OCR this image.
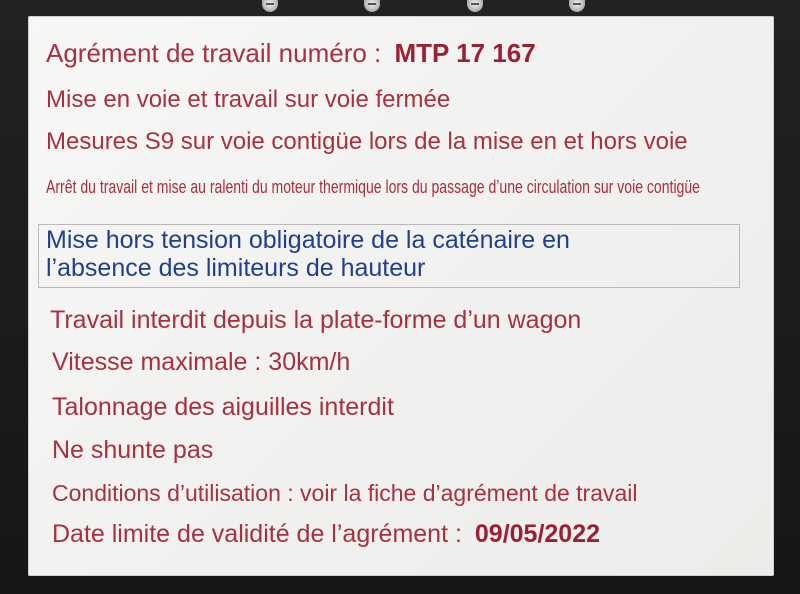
Agrément de travail numéro : MTP 17 167
Mise en voie et travail sur voie fermée
Mesures S9 sur voie contigüe lors de la mise en et hors voie
Arrêt du travail et mise au ralenti du moteur thermique lors du passage d’une circulation sur voie contigüe
Mise hors tension obligatoire de la caténaire en
l’absence des limiteurs de hauteur
Travail interdit depuis la plate-forme d’un wagon
Vitesse maximale : 30km/h
Talonnage des aiguilles interdit
Ne shunte pas
Conditions d’utilisation : voir la fiche d’agrément de travail
Date limite de validité de l’agrément : 09/05/2022
